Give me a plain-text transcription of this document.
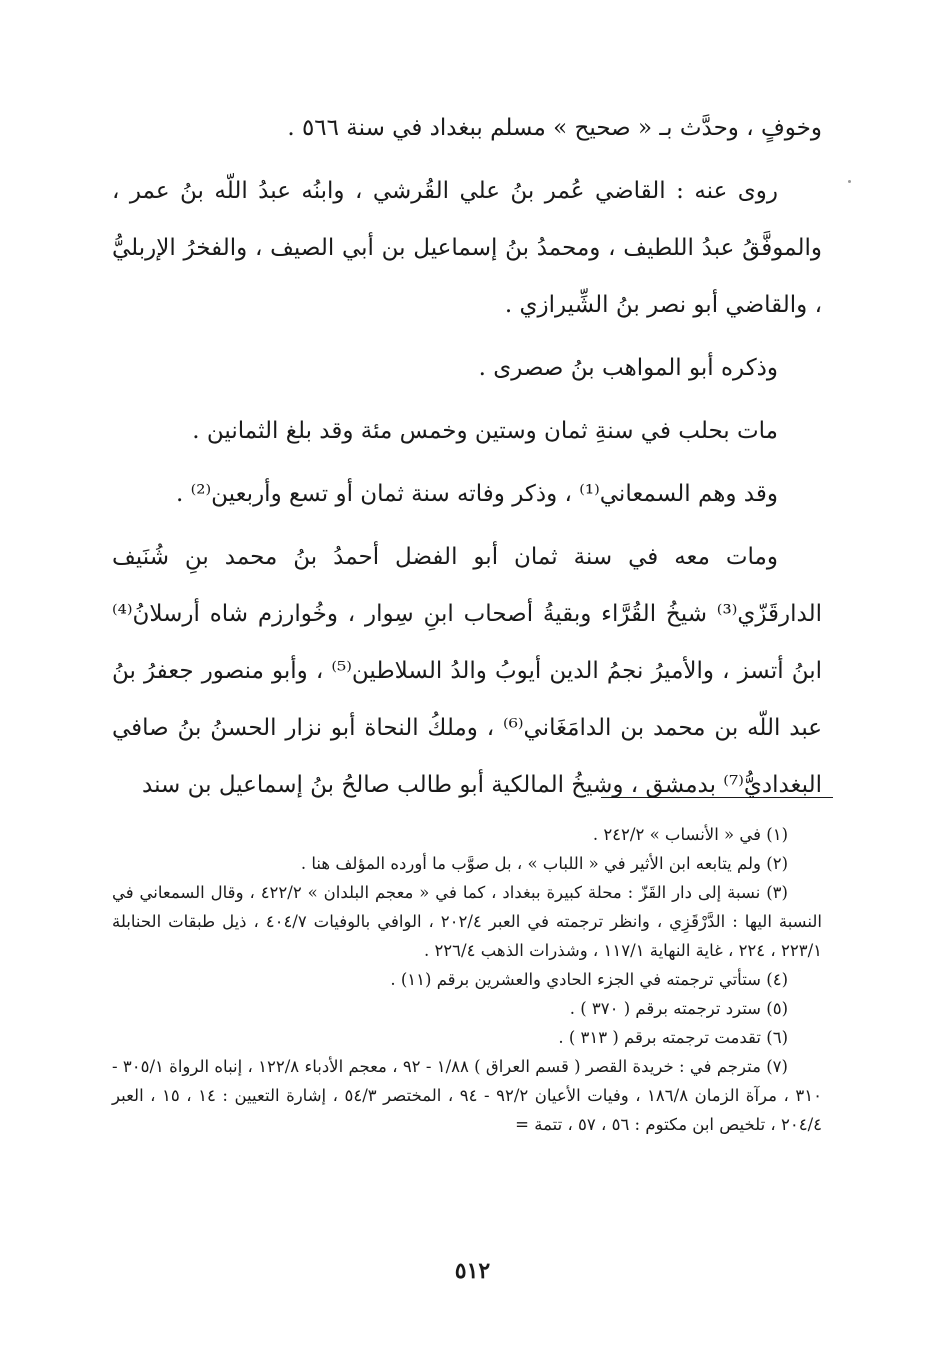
وخوفٍ ، وحدَّث بـ « صحيح » مسلم ببغداد في سنة ٥٦٦ .

روى عنه : القاضي عُمر بنُ علي القُرشي ، وابنُه عبدُ اللّه بنُ عمر ، والموفَّقُ عبدُ اللطيف ، ومحمدُ بنُ إسماعيل بن أبي الصيف ، والفخرُ الإربليُّ ، والقاضي أبو نصر بنُ الشِّيرازي .

وذكره أبو المواهب بنُ صصرى .

مات بحلب في سنةِ ثمان وستين وخمس مئة وقد بلغ الثمانين .

وقد وهم السمعاني⁽¹⁾ ، وذكر وفاته سنة ثمان أو تسع وأربعين⁽²⁾ .

ومات معه في سنة ثمان أبو الفضل أحمدُ بنُ محمد بنِ شُنَيف الدارقَزّي⁽³⁾ شيخُ القُرَّاء وبقيةُ أصحاب ابنِ سِوار ، وخُوارزم شاه أرسلانُ⁽⁴⁾ ابنُ أتسز ، والأميرُ نجمُ الدين أيوبُ والدُ السلاطين⁽⁵⁾ ، وأبو منصور جعفرُ بنُ عبد اللّه بن محمد بن الدامَغَاني⁽⁶⁾ ، وملكُ النحاة أبو نزار الحسنُ بنُ صافي البغداديُّ⁽⁷⁾ بدمشق ، وشيخُ المالكية أبو طالب صالحُ بنُ إسماعيل بن سند

(١) في « الأنساب » ٢٤٢/٢ .

(٢) ولم يتابعه ابن الأثير في « اللباب » ، بل صوَّب ما أورده المؤلف هنا .

(٣) نسبة إلى دار القَزّ : محلة كبيرة ببغداد ، كما في « معجم البلدان » ٤٢٢/٢ ، وقال السمعاني في النسبة اليها : الدَّرْقَزِي ، وانظر ترجمته في العبر ٢٠٢/٤ ، الوافي بالوفيات ٤٠٤/٧ ، ذيل طبقات الحنابلة ٢٢٣/١ ، ٢٢٤ ، غاية النهاية ١١٧/١ ، وشذرات الذهب ٢٢٦/٤ .

(٤) ستأتي ترجمته في الجزء الحادي والعشرين برقم (١١) .

(٥) سترد ترجمته برقم ( ٣٧٠ ) .

(٦) تقدمت ترجمته برقم ( ٣١٣ ) .

(٧) مترجم في : خريدة القصر ( قسم العراق ) ١/٨٨ - ٩٢ ، معجم الأدباء ١٢٢/٨ ، إنباه الرواة ٣٠٥/١ - ٣١٠ ، مرآة الزمان ١٨٦/٨ ، وفيات الأعيان ٩٢/٢ - ٩٤ ، المختصر ٥٤/٣ ، إشارة التعيين : ١٤ ، ١٥ ، العبر ٢٠٤/٤ ، تلخيص ابن مكتوم : ٥٦ ، ٥٧ ، تتمة =

٥١٢
